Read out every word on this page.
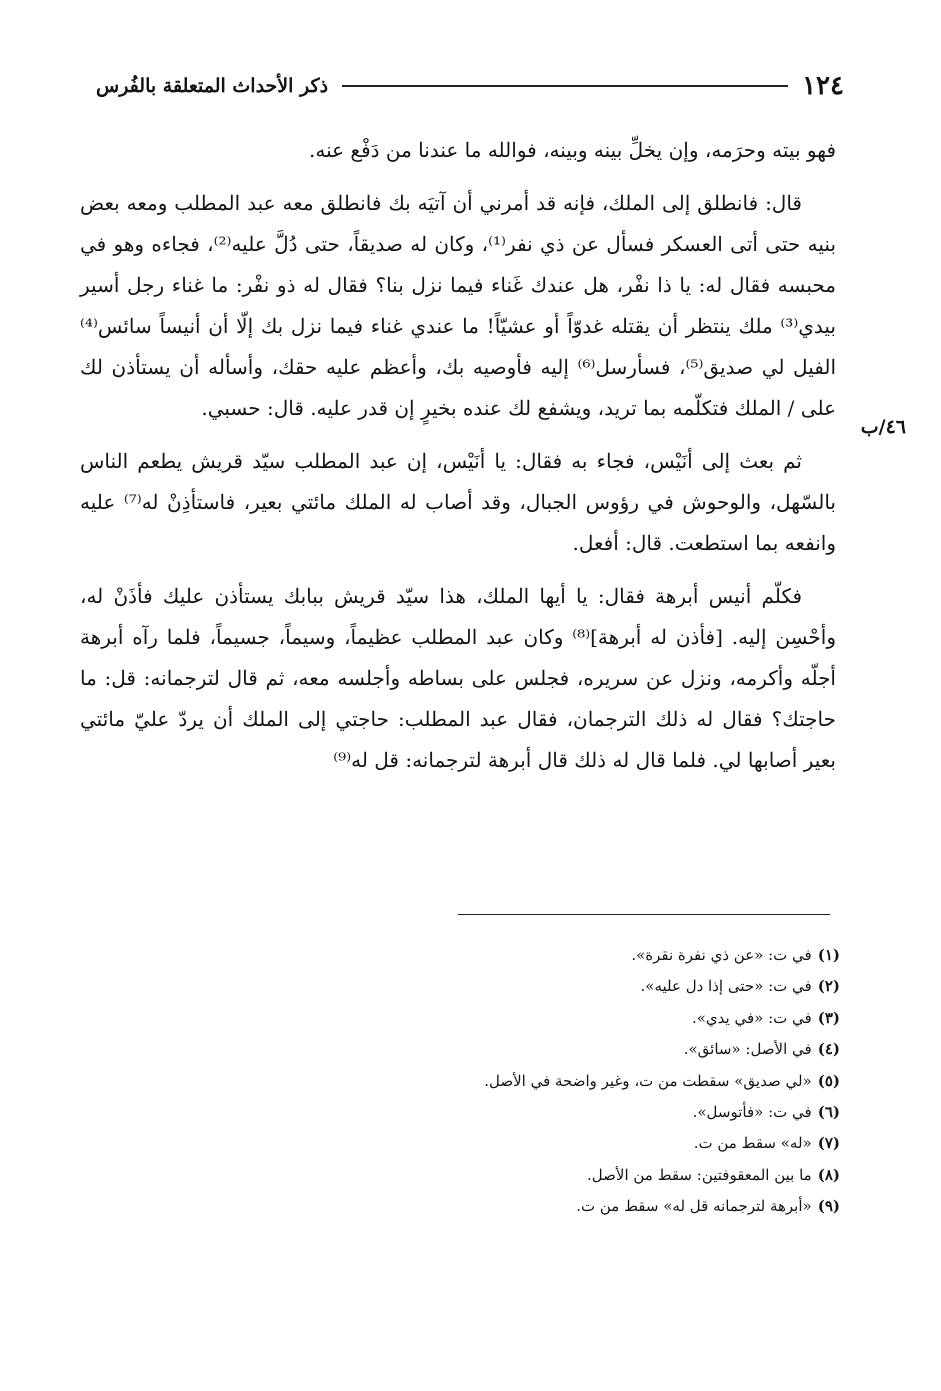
١٢٤
ذكر الأحداث المتعلقة بالفُرس

فهو بيته وحرَمه، وإن يخلِّ بينه وبينه، فوالله ما عندنا من دَفْع عنه.

قال: فانطلق إلى الملك، فإنه قد أمرني أن آتيَه بك فانطلق معه عبد المطلب ومعه بعض بنيه حتى أتى العسكر فسأل عن ذي نفر⁽¹⁾، وكان له صديقاً، حتى دُلَّ عليه⁽²⁾، فجاءه وهو في محبسه فقال له: يا ذا نفْر، هل عندك غَناء فيما نزل بنا؟ فقال له ذو نفْر: ما غناء رجل أسير بيدي⁽³⁾ ملك ينتظر أن يقتله غدوّاً أو عشيّاً! ما عندي غناء فيما نزل بك إلّا أن أنيساً سائس⁽⁴⁾ الفيل لي صديق⁽⁵⁾، فسأرسل⁽⁶⁾ إليه فأوصيه بك، وأعظم عليه حقك، وأسأله أن يستأذن لك على / الملك فتكلّمه بما تريد، ويشفع لك عنده بخيرٍ إن قدر عليه. قال: حسبي.

ثم بعث إلى أنَيْس، فجاء به فقال: يا أنَيْس، إن عبد المطلب سيّد قريش يطعم الناس بالسّهل، والوحوش في رؤوس الجبال، وقد أصاب له الملك مائتي بعير، فاستأذِنْ له⁽⁷⁾ عليه وانفعه بما استطعت. قال: أفعل.

فكلّم أنيس أبرهة فقال: يا أيها الملك، هذا سيّد قريش ببابك يستأذن عليك فأذَنْ له، وأحْسِن إليه. [فأذن له أبرهة]⁽⁸⁾ وكان عبد المطلب عظيماً، وسيماً، جسيماً، فلما رآه أبرهة أجلّه وأكرمه، ونزل عن سريره، فجلس على بساطه وأجلسه معه، ثم قال لترجمانه: قل: ما حاجتك؟ فقال له ذلك الترجمان، فقال عبد المطلب: حاجتي إلى الملك أن يردّ عليّ مائتي بعير أصابها لي. فلما قال له ذلك قال أبرهة لترجمانه: قل له⁽⁹⁾

٤٦/ب
(١)في ت: «عن ذي نفرة نقرة».
(٢)في ت: «حتى إذا دل عليه».
(٣)في ت: «في يدي».
(٤)في الأصل: «سائق».
(٥)«لي صديق» سقطت من ت، وغير واضحة في الأصل.
(٦)في ت: «فأتوسل».
(٧)«له» سقط من ت.
(٨)ما بين المعقوفتين: سقط من الأصل.
(٩)«أبرهة لترجمانه قل له» سقط من ت.
